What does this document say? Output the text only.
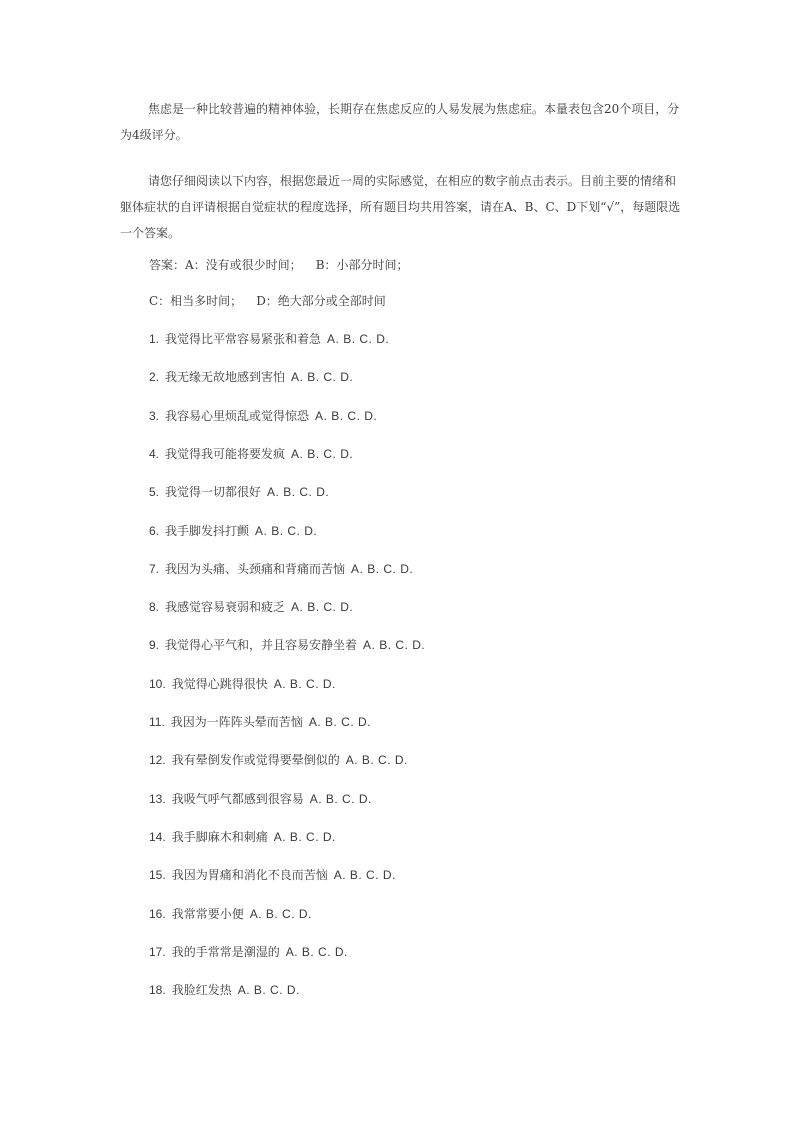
焦虑是一种比较普遍的精神体验，长期存在焦虑反应的人易发展为焦虑症。本量表包含20个项目，分为4级评分。

请您仔细阅读以下内容，根据您最近一周的实际感觉，在相应的数字前点击表示。目前主要的情绪和躯体症状的自评请根据自觉症状的程度选择，所有题目均共用答案，请在A、B、C、D下划“√”，每题限选一个答案。

答案：A：没有或很少时间； B：小部分时间；
C：相当多时间； D：绝大部分或全部时间
1. 我觉得比平常容易紧张和着急 A. B. C. D.
2. 我无缘无故地感到害怕 A. B. C. D.
3. 我容易心里烦乱或觉得惊恐 A. B. C. D.
4. 我觉得我可能将要发疯 A. B. C. D.
5. 我觉得一切都很好 A. B. C. D.
6. 我手脚发抖打颤 A. B. C. D.
7. 我因为头痛、头颈痛和背痛而苦恼 A. B. C. D.
8. 我感觉容易衰弱和疲乏 A. B. C. D.
9. 我觉得心平气和，并且容易安静坐着 A. B. C. D.
10. 我觉得心跳得很快 A. B. C. D.
11. 我因为一阵阵头晕而苦恼 A. B. C. D.
12. 我有晕倒发作或觉得要晕倒似的 A. B. C. D.
13. 我吸气呼气都感到很容易 A. B. C. D.
14. 我手脚麻木和刺痛 A. B. C. D.
15. 我因为胃痛和消化不良而苦恼 A. B. C. D.
16. 我常常要小便 A. B. C. D.
17. 我的手常常是潮湿的 A. B. C. D.
18. 我脸红发热 A. B. C. D.
